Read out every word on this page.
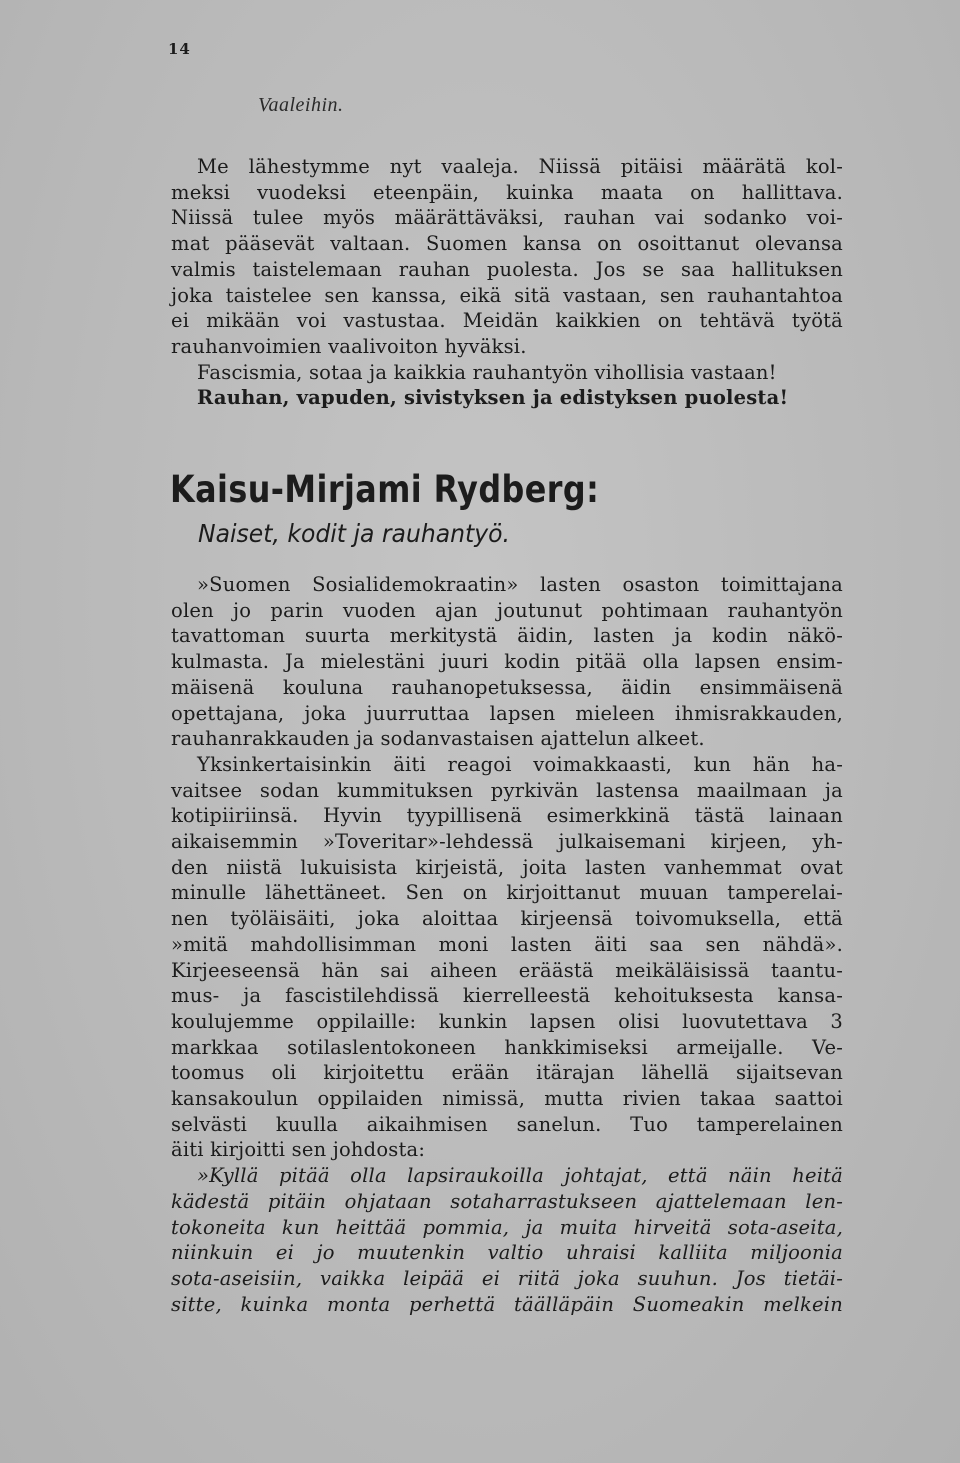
14
Vaaleihin.

Me lähestymme nyt vaaleja. Niissä pitäisi määrätä kol-
meksi vuodeksi eteenpäin, kuinka maata on hallittava.
Niissä tulee myös määrättäväksi, rauhan vai sodanko voi-
mat pääsevät valtaan. Suomen kansa on osoittanut olevansa
valmis taistelemaan rauhan puolesta. Jos se saa hallituksen
joka taistelee sen kanssa, eikä sitä vastaan, sen rauhantahtoa
ei mikään voi vastustaa. Meidän kaikkien on tehtävä työtä
rauhanvoimien vaalivoiton hyväksi.
Fascismia, sotaa ja kaikkia rauhantyön vihollisia vastaan!
Rauhan, vapuden, sivistyksen ja edistyksen puolesta!

Kaisu-Mirjami Rydberg:
Naiset, kodit ja rauhantyö.

»Suomen Sosialidemokraatin» lasten osaston toimittajana
olen jo parin vuoden ajan joutunut pohtimaan rauhantyön
tavattoman suurta merkitystä äidin, lasten ja kodin näkö-
kulmasta. Ja mielestäni juuri kodin pitää olla lapsen ensim-
mäisenä kouluna rauhanopetuksessa, äidin ensimmäisenä
opettajana, joka juurruttaa lapsen mieleen ihmisrakkauden,
rauhanrakkauden ja sodanvastaisen ajattelun alkeet.
Yksinkertaisinkin äiti reagoi voimakkaasti, kun hän ha-
vaitsee sodan kummituksen pyrkivän lastensa maailmaan ja
kotipiiriinsä. Hyvin tyypillisenä esimerkkinä tästä lainaan
aikaisemmin »Toveritar»-lehdessä julkaisemani kirjeen, yh-
den niistä lukuisista kirjeistä, joita lasten vanhemmat ovat
minulle lähettäneet. Sen on kirjoittanut muuan tamperelai-
nen työläisäiti, joka aloittaa kirjeensä toivomuksella, että
»mitä mahdollisimman moni lasten äiti saa sen nähdä».
Kirjeeseensä hän sai aiheen eräästä meikäläisissä taantu-
mus- ja fascistilehdissä kierrelleestä kehoituksesta kansa-
koulujemme oppilaille: kunkin lapsen olisi luovutettava 3
markkaa sotilaslentokoneen hankkimiseksi armeijalle. Ve-
toomus oli kirjoitettu erään itärajan lähellä sijaitsevan
kansakoulun oppilaiden nimissä, mutta rivien takaa saattoi
selvästi kuulla aikaihmisen sanelun. Tuo tamperelainen
äiti kirjoitti sen johdosta:

»Kyllä pitää olla lapsiraukoilla johtajat, että näin heitä
kädestä pitäin ohjataan sotaharrastukseen ajattelemaan len-
tokoneita kun heittää pommia, ja muita hirveitä sota-aseita,
niinkuin ei jo muutenkin valtio uhraisi kalliita miljoonia
sota-aseisiin, vaikka leipää ei riitä joka suuhun. Jos tietäi-
sitte, kuinka monta perhettä täälläpäin Suomeakin melkein
